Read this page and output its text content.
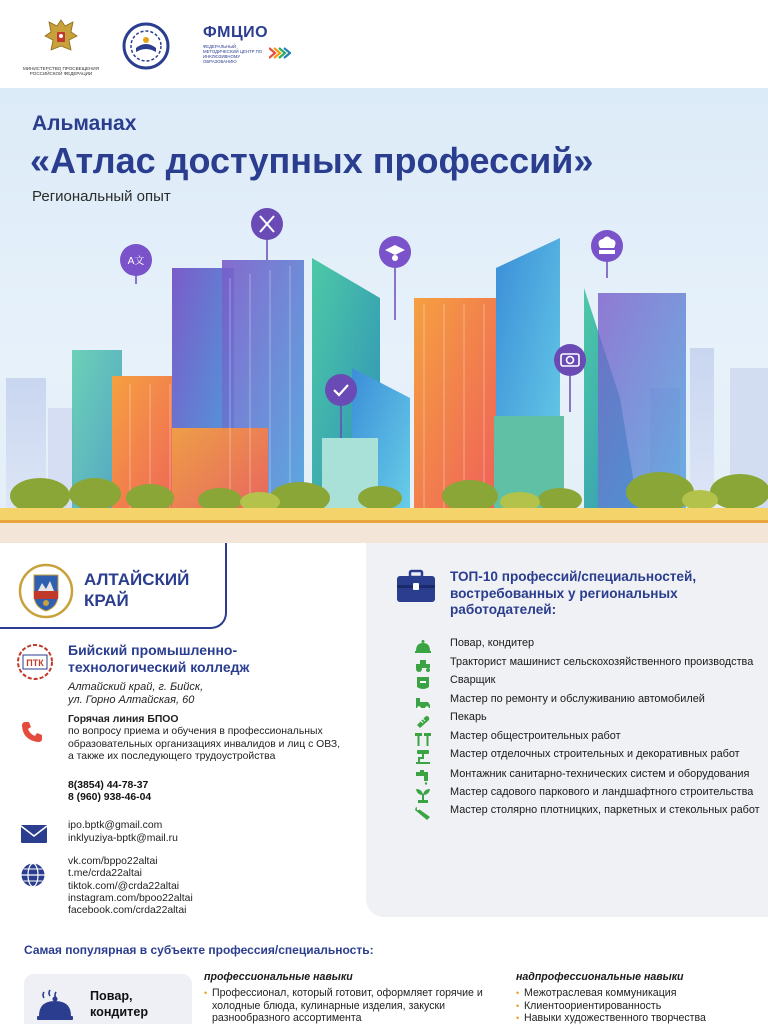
МИНИСТЕРСТВО ПРОСВЕЩЕНИЯ РОССИЙСКОЙ ФЕДЕРАЦИИ
ФМЦИО
ФЕДЕРАЛЬНЫЙ МЕТОДИЧЕСКИЙ ЦЕНТР ПО ИНКЛЮЗИВНОМУ ОБРАЗОВАНИЮ
A文
Альманах
«Атлас доступных профессий»
Региональный опыт
АЛТАЙСКИЙ КРАЙ
ПТК
Бийский промышленно-технологический колледж
Алтайский край, г. Бийск,
ул. Горно Алтайская, 60
Горячая линия БПОО
по вопросу приема и обучения в профессиональных образовательных организациях инвалидов и лиц с ОВЗ, а также их последующего трудоустройства
8(3854) 44-78-37
8 (960) 938-46-04
ipo.bptk@gmail.com
inklyuziya-bptk@mail.ru
vk.com/bppo22altai
t.me/crda22altai
tiktok.com/@crda22altai
instagram.com/bpoo22altai
facebook.com/crda22altai
ТОП-10 профессий/специальностей, востребованных у региональных работодателей:
Повар, кондитер
Тракторист машинист сельскохозяйственного производства
Сварщик
Мастер по ремонту и обслуживанию автомобилей
Пекарь
Мастер общестроительных работ
Мастер отделочных строительных и декоративных работ
Монтажник санитарно-технических систем и оборудования
Мастер садового паркового и ландшафтного строительства
Мастер столярно плотницких, паркетных и стекольных работ
Самая популярная в субъекте профессия/специальность:
Повар, кондитер
профессиональные навыки
• Профессионал, который готовит, оформляет горячие и холодные блюда, кулинарные изделия, закуски разнообразного ассортимента
надпрофессиональные навыки
• Межотраслевая коммуникация
• Клиентоориентированность
• Навыки художественного творчества
